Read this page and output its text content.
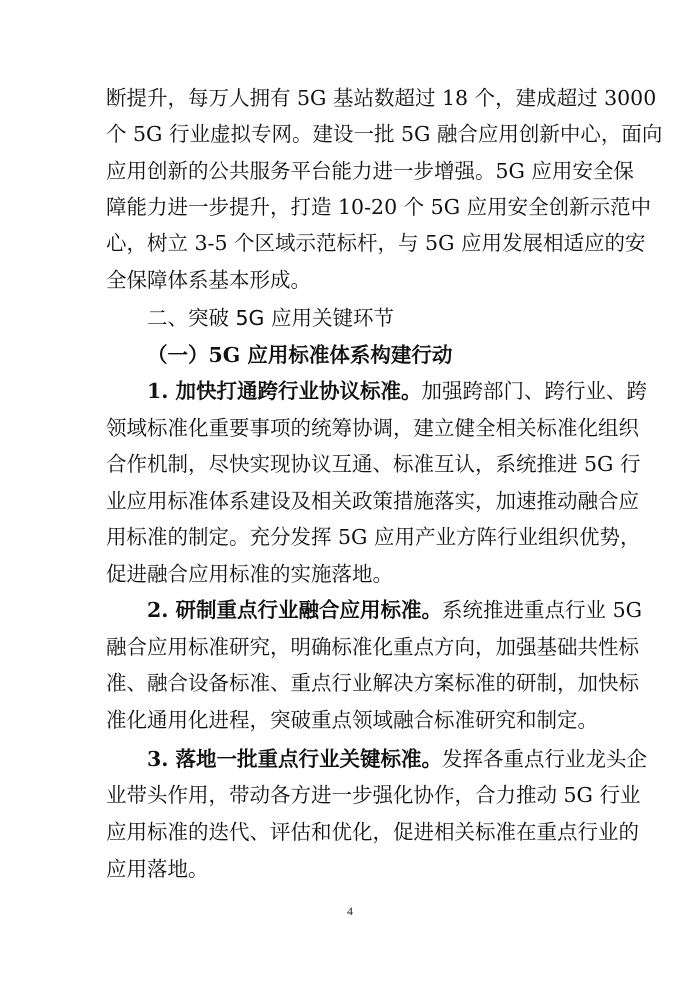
断提升，每万人拥有 5G 基站数超过 18 个，建成超过 3000
个 5G 行业虚拟专网。建设一批 5G 融合应用创新中心，面向
应用创新的公共服务平台能力进一步增强。5G 应用安全保
障能力进一步提升，打造 10-20 个 5G 应用安全创新示范中
心，树立 3-5 个区域示范标杆，与 5G 应用发展相适应的安
全保障体系基本形成。
二、突破 5G 应用关键环节
（一）5G 应用标准体系构建行动
1. 加快打通跨行业协议标准。加强跨部门、跨行业、跨
领域标准化重要事项的统筹协调，建立健全相关标准化组织
合作机制，尽快实现协议互通、标准互认，系统推进 5G 行
业应用标准体系建设及相关政策措施落实，加速推动融合应
用标准的制定。充分发挥 5G 应用产业方阵行业组织优势，
促进融合应用标准的实施落地。
2. 研制重点行业融合应用标准。系统推进重点行业 5G
融合应用标准研究，明确标准化重点方向，加强基础共性标
准、融合设备标准、重点行业解决方案标准的研制，加快标
准化通用化进程，突破重点领域融合标准研究和制定。
3. 落地一批重点行业关键标准。发挥各重点行业龙头企
业带头作用，带动各方进一步强化协作，合力推动 5G 行业
应用标准的迭代、评估和优化，促进相关标准在重点行业的
应用落地。
4
